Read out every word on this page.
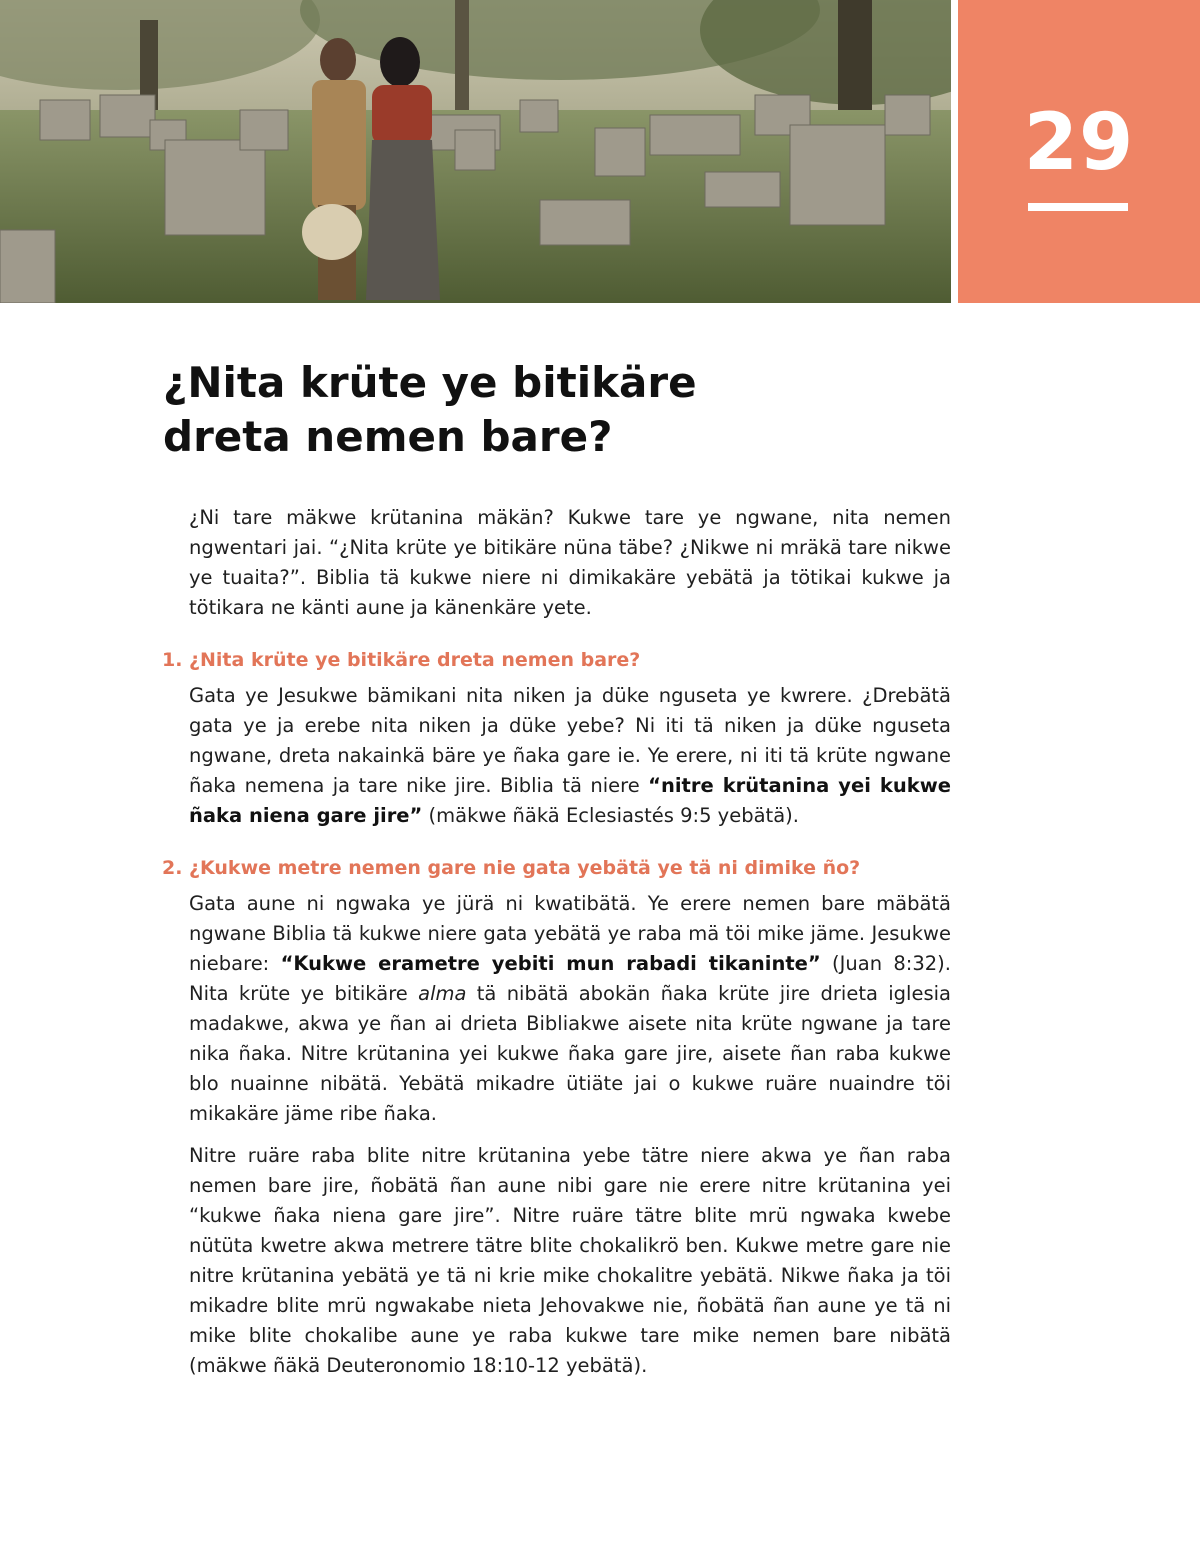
29
¿Nita krüte ye bitikäre
dreta nemen bare?

¿Ni tare mäkwe krütanina mäkän? Kukwe tare ye ngwane, nita nemen ngwentari jai. “¿Nita krüte ye bitikäre nüna täbe? ¿Nikwe ni mräkä tare nikwe ye tuaita?”. Biblia tä kukwe niere ni dimikakäre yebätä ja tötikai kukwe ja tötikara ne känti aune ja känenkäre yete.

1. ¿Nita krüte ye bitikäre dreta nemen bare?

Gata ye Jesukwe bämikani nita niken ja düke nguseta ye kwrere. ¿Drebätä gata ye ja erebe nita niken ja düke yebe? Ni iti tä niken ja düke nguseta ngwane, dreta nakainkä bäre ye ñaka gare ie. Ye erere, ni iti tä krüte ngwane ñaka nemena ja tare nike jire. Biblia tä niere “nitre krütanina yei kukwe ñaka niena gare jire” (mäkwe ñäkä Eclesiastés 9:5 yebätä).

2. ¿Kukwe metre nemen gare nie gata yebätä ye tä ni dimike ño?

Gata aune ni ngwaka ye jürä ni kwatibätä. Ye erere nemen bare mäbätä ngwane Biblia tä kukwe niere gata yebätä ye raba mä töi mike jäme. Jesukwe niebare: “Kukwe erametre yebiti mun rabadi tikaninte” (Juan 8:32). Nita krüte ye bitikäre alma tä nibätä abokän ñaka krüte jire drieta iglesia madakwe, akwa ye ñan ai drieta Bibliakwe aisete nita krüte ngwane ja tare nika ñaka. Nitre krütanina yei kukwe ñaka gare jire, aisete ñan raba kukwe blo nuainne nibätä. Yebätä mikadre ütiäte jai o kukwe ruäre nuaindre töi mikakäre jäme ribe ñaka.

Nitre ruäre raba blite nitre krütanina yebe tätre niere akwa ye ñan raba nemen bare jire, ñobätä ñan aune nibi gare nie erere nitre krütanina yei “kukwe ñaka niena gare jire”. Nitre ruäre tätre blite mrü ngwaka kwebe nütüta kwetre akwa metrere tätre blite chokalikrö ben. Kukwe metre gare nie nitre krütanina yebätä ye tä ni krie mike chokalitre yebätä. Nikwe ñaka ja töi mikadre blite mrü ngwakabe nieta Jehovakwe nie, ñobätä ñan aune ye tä ni mike blite chokalibe aune ye raba kukwe tare mike nemen bare nibätä (mäkwe ñäkä Deuteronomio 18:10-12 yebätä).
